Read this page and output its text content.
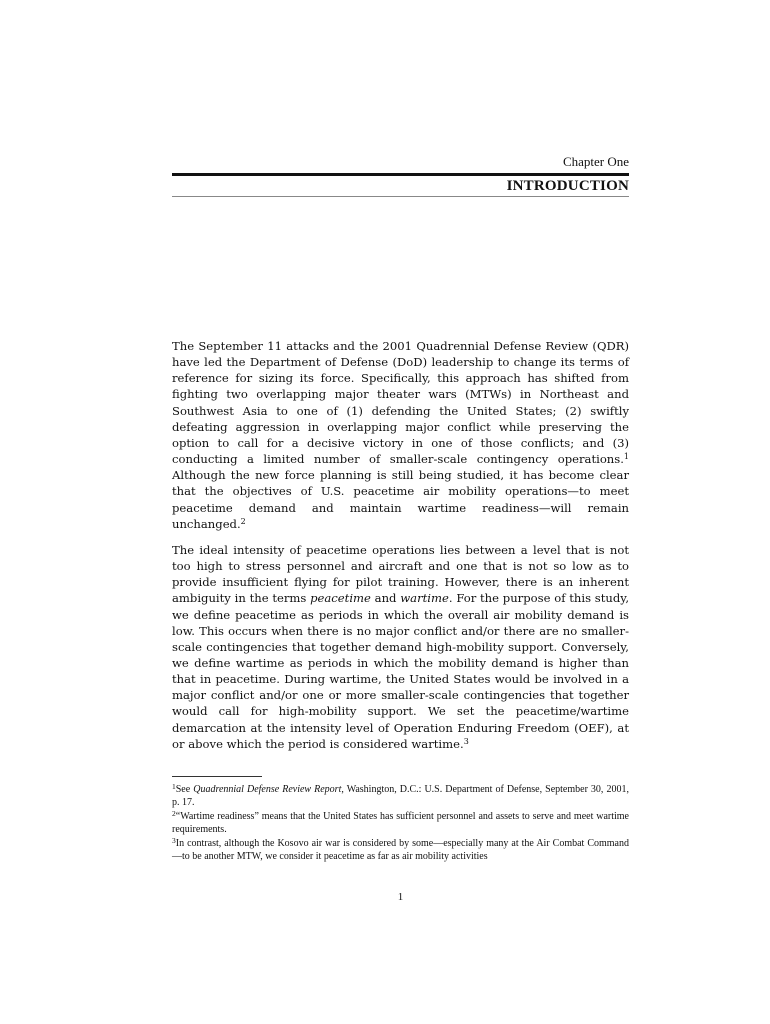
Chapter One
INTRODUCTION

The September 11 attacks and the 2001 Quadrennial Defense Review (QDR) have led the Department of Defense (DoD) leadership to change its terms of reference for sizing its force. Specifically, this approach has shifted from fighting two overlapping major theater wars (MTWs) in Northeast and Southwest Asia to one of (1) defending the United States; (2) swiftly defeating aggression in overlapping major conflict while preserving the option to call for a decisive victory in one of those conflicts; and (3) conducting a limited number of smaller-scale contingency operations.$^1$ Although the new force planning is still being studied, it has become clear that the objectives of U.S. peacetime air mobility operations—to meet peacetime demand and maintain wartime readiness—will remain unchanged.$^2$

The ideal intensity of peacetime operations lies between a level that is not too high to stress personnel and aircraft and one that is not so low as to provide insufficient flying for pilot training. However, there is an inherent ambiguity in the terms peacetime and wartime. For the purpose of this study, we define peacetime as periods in which the overall air mobility demand is low. This occurs when there is no major conflict and/or there are no smaller-scale contingencies that together demand high-mobility support. Conversely, we define wartime as periods in which the mobility demand is higher than that in peacetime. During wartime, the United States would be involved in a major conflict and/or one or more smaller-scale contingencies that together would call for high-mobility support. We set the peacetime/wartime demarcation at the intensity level of Operation Enduring Freedom (OEF), at or above which the period is considered wartime.$^3$

$^1$See Quadrennial Defense Review Report, Washington, D.C.: U.S. Department of Defense, September 30, 2001, p. 17.

$^2$“Wartime readiness” means that the United States has sufficient personnel and assets to serve and meet wartime requirements.

$^3$In contrast, although the Kosovo air war is considered by some—especially many at the Air Combat Command—to be another MTW, we consider it peacetime as far as air mobility activities

1
